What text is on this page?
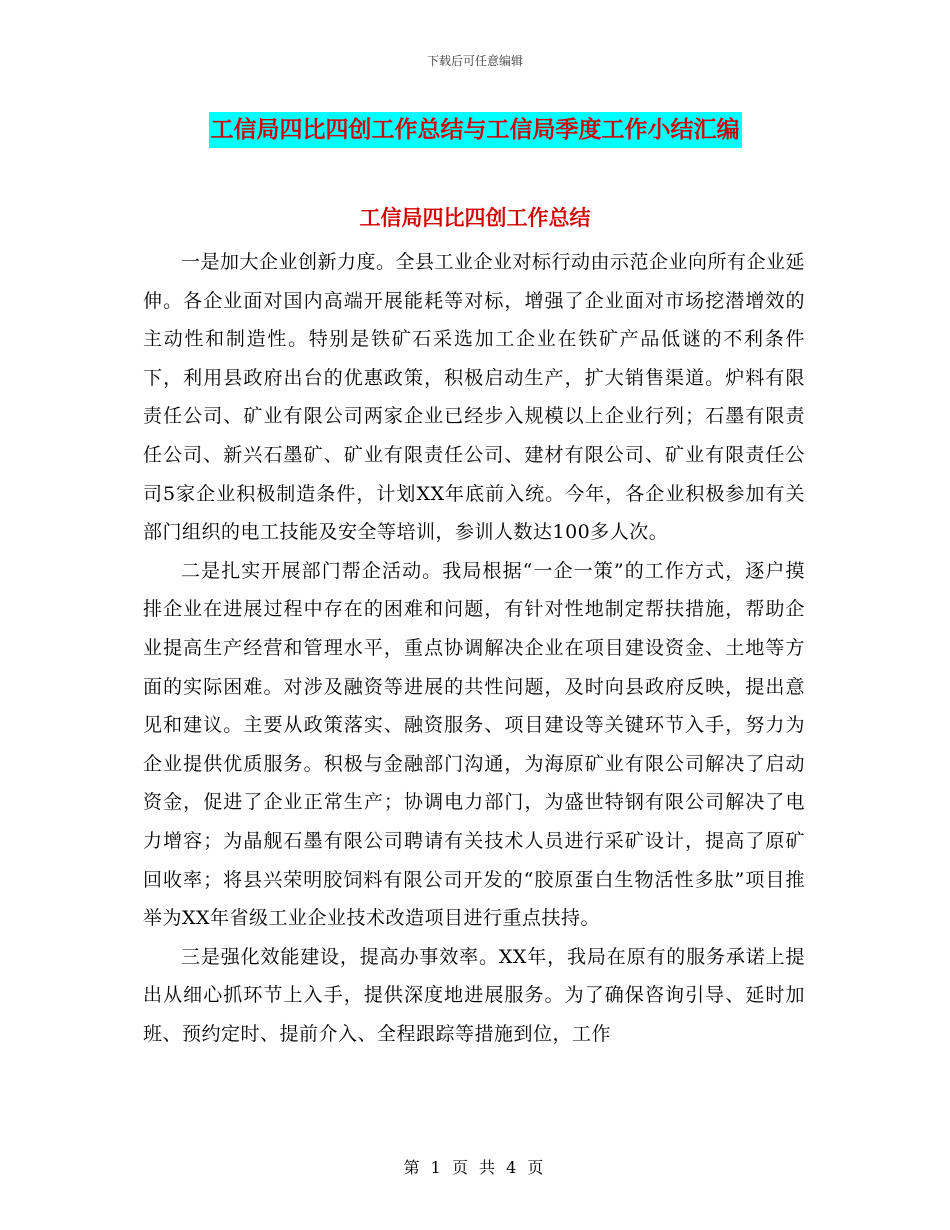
下载后可任意编辑
工信局四比四创工作总结与工信局季度工作小结汇编
工信局四比四创工作总结

一是加大企业创新力度。全县工业企业对标行动由示范企业向所有企业延伸。各企业面对国内高端开展能耗等对标，增强了企业面对市场挖潜增效的主动性和制造性。特别是铁矿石采选加工企业在铁矿产品低谜的不利条件下，利用县政府出台的优惠政策，积极启动生产，扩大销售渠道。炉料有限责任公司、矿业有限公司两家企业已经步入规模以上企业行列；石墨有限责任公司、新兴石墨矿、矿业有限责任公司、建材有限公司、矿业有限责任公司5家企业积极制造条件，计划XX年底前入统。今年，各企业积极参加有关部门组织的电工技能及安全等培训，参训人数达100多人次。

二是扎实开展部门帮企活动。我局根据“一企一策”的工作方式，逐户摸排企业在进展过程中存在的困难和问题，有针对性地制定帮扶措施，帮助企业提高生产经营和管理水平，重点协调解决企业在项目建设资金、土地等方面的实际困难。对涉及融资等进展的共性问题，及时向县政府反映，提出意见和建议。主要从政策落实、融资服务、项目建设等关键环节入手，努力为企业提供优质服务。积极与金融部门沟通，为海原矿业有限公司解决了启动资金，促进了企业正常生产；协调电力部门，为盛世特钢有限公司解决了电力增容；为晶舰石墨有限公司聘请有关技术人员进行采矿设计，提高了原矿回收率；将县兴荣明胶饲料有限公司开发的“胶原蛋白生物活性多肽”项目推举为XX年省级工业企业技术改造项目进行重点扶持。

三是强化效能建设，提高办事效率。XX年，我局在原有的服务承诺上提出从细心抓环节上入手，提供深度地进展服务。为了确保咨询引导、延时加班、预约定时、提前介入、全程跟踪等措施到位，工作

第 1 页 共 4 页
